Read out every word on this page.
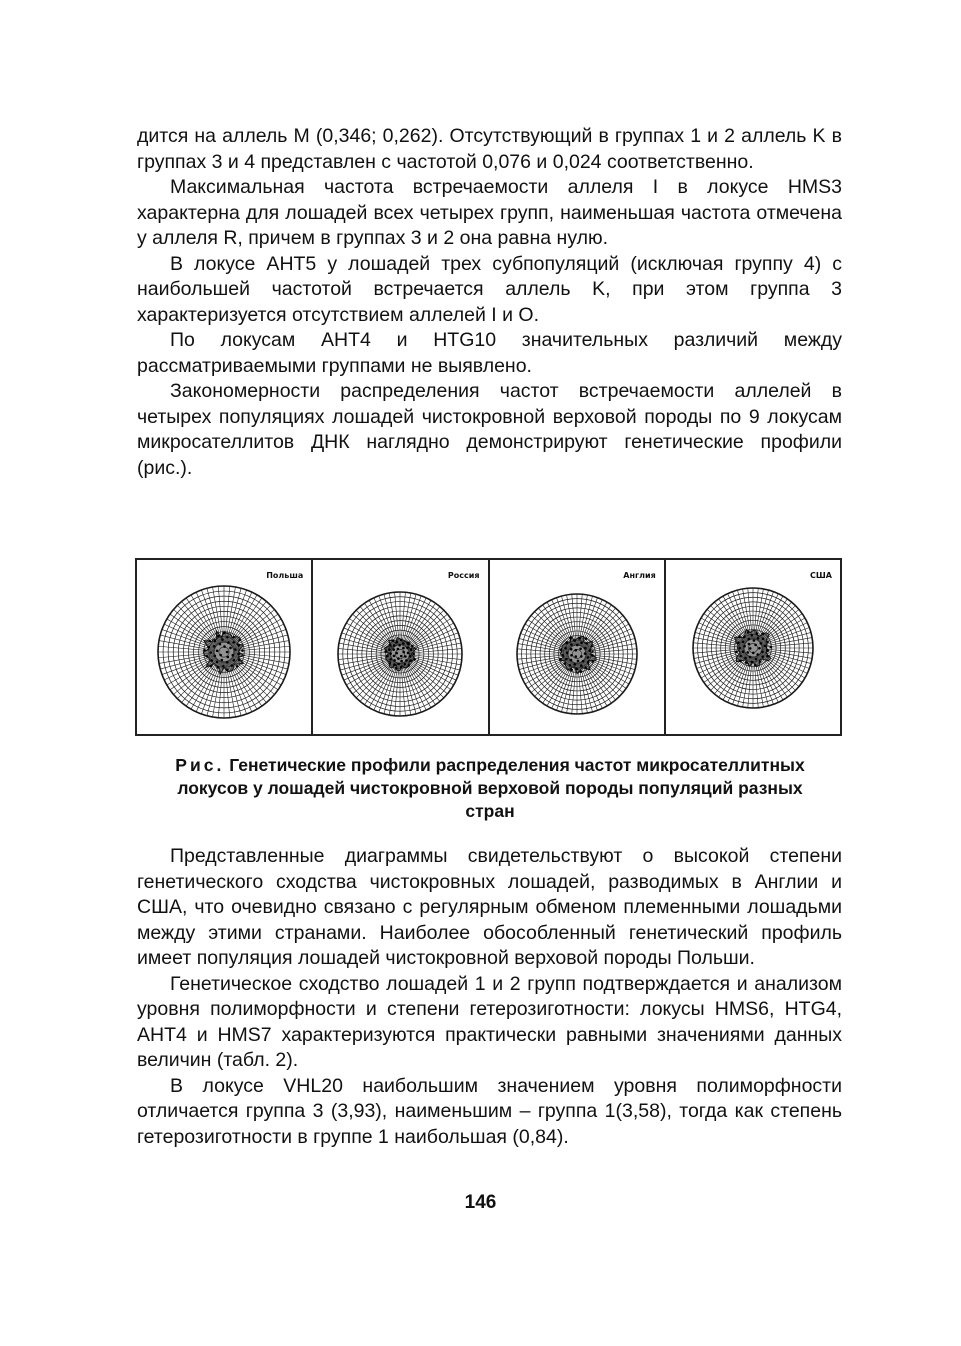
дится на аллель M (0,346; 0,262). Отсутствующий в группах 1 и 2 аллель K в группах 3 и 4 представлен с частотой 0,076 и 0,024 соответственно.

Максимальная частота встречаемости аллеля I в локусе HMS3 характерна для лошадей всех четырех групп, наименьшая частота отмечена у аллеля R, причем в группах 3 и 2 она равна нулю.

В локусе AHT5 у лошадей трех субпопуляций (исключая группу 4) с наибольшей частотой встречается аллель K, при этом группа 3 характеризуется отсутствием аллелей I и O.

По локусам AHT4 и HTG10 значительных различий между рассматриваемыми группами не выявлено.

Закономерности распределения частот встречаемости аллелей в четырех популяциях лошадей чистокровной верховой породы по 9 локусам микросателлитов ДНК наглядно демонстрируют генетические профили (рис.).

Польша	Россия	Англия	США
Рис. Генетические профили распределения частот микросателлитных локусов у лошадей чистокровной верховой породы популяций разных стран

Представленные диаграммы свидетельствуют о высокой степени генетического сходства чистокровных лошадей, разводимых в Англии и США, что очевидно связано с регулярным обменом племенными лошадьми между этими странами. Наиболее обособленный генетический профиль имеет популяция лошадей чистокровной верховой породы Польши.

Генетическое сходство лошадей 1 и 2 групп подтверждается и анализом уровня полиморфности и степени гетерозиготности: локусы HMS6, HTG4, AHT4 и HMS7 характеризуются практически равными значениями данных величин (табл. 2).

В локусе VHL20 наибольшим значением уровня полиморфности отличается группа 3 (3,93), наименьшим – группа 1(3,58), тогда как степень гетерозиготности в группе 1 наибольшая (0,84).

146
